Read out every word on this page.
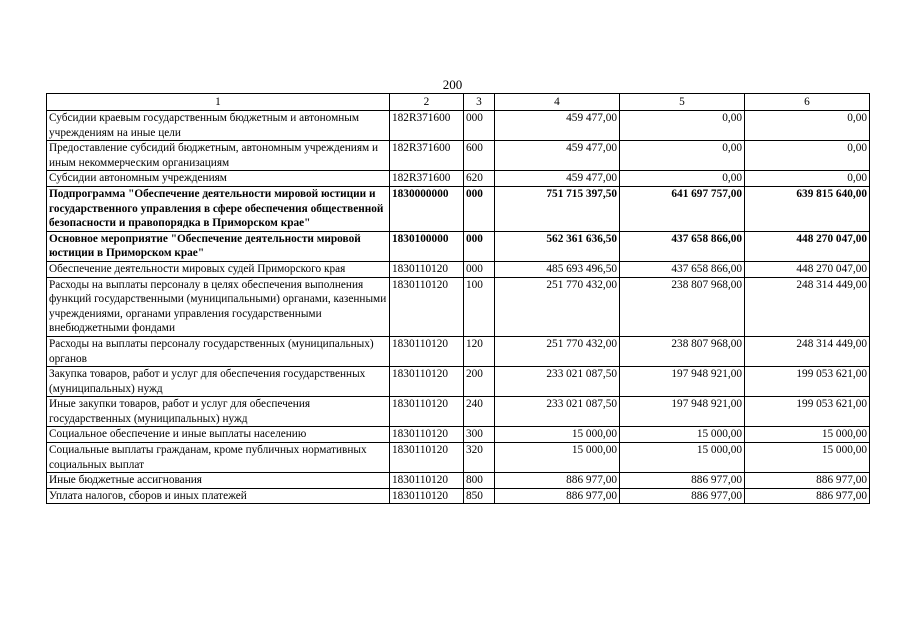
200
1	2	3	4	5	6
Субсидии краевым государственным бюджетным и автономным учреждениям на иные цели	182R371600	000	459 477,00	0,00	0,00
Предоставление субсидий бюджетным, автономным учреждениям и иным некоммерческим организациям	182R371600	600	459 477,00	0,00	0,00
Субсидии автономным учреждениям	182R371600	620	459 477,00	0,00	0,00
Подпрограмма "Обеспечение деятельности мировой юстиции и государственного управления в сфере обеспечения общественной безопасности и правопорядка в Приморском крае"	1830000000	000	751 715 397,50	641 697 757,00	639 815 640,00
Основное мероприятие "Обеспечение деятельности мировой юстиции в Приморском крае"	1830100000	000	562 361 636,50	437 658 866,00	448 270 047,00
Обеспечение деятельности мировых судей Приморского края	1830110120	000	485 693 496,50	437 658 866,00	448 270 047,00
Расходы на выплаты персоналу в целях обеспечения выполнения функций государственными (муниципальными) органами, казенными учреждениями, органами управления государственными внебюджетными фондами	1830110120	100	251 770 432,00	238 807 968,00	248 314 449,00
Расходы на выплаты персоналу государственных (муниципальных) органов	1830110120	120	251 770 432,00	238 807 968,00	248 314 449,00
Закупка товаров, работ и услуг для обеспечения государственных (муниципальных) нужд	1830110120	200	233 021 087,50	197 948 921,00	199 053 621,00
Иные закупки товаров, работ и услуг для обеспечения государственных (муниципальных) нужд	1830110120	240	233 021 087,50	197 948 921,00	199 053 621,00
Социальное обеспечение и иные выплаты населению	1830110120	300	15 000,00	15 000,00	15 000,00
Социальные выплаты гражданам, кроме публичных нормативных социальных выплат	1830110120	320	15 000,00	15 000,00	15 000,00
Иные бюджетные ассигнования	1830110120	800	886 977,00	886 977,00	886 977,00
Уплата налогов, сборов и иных платежей	1830110120	850	886 977,00	886 977,00	886 977,00
